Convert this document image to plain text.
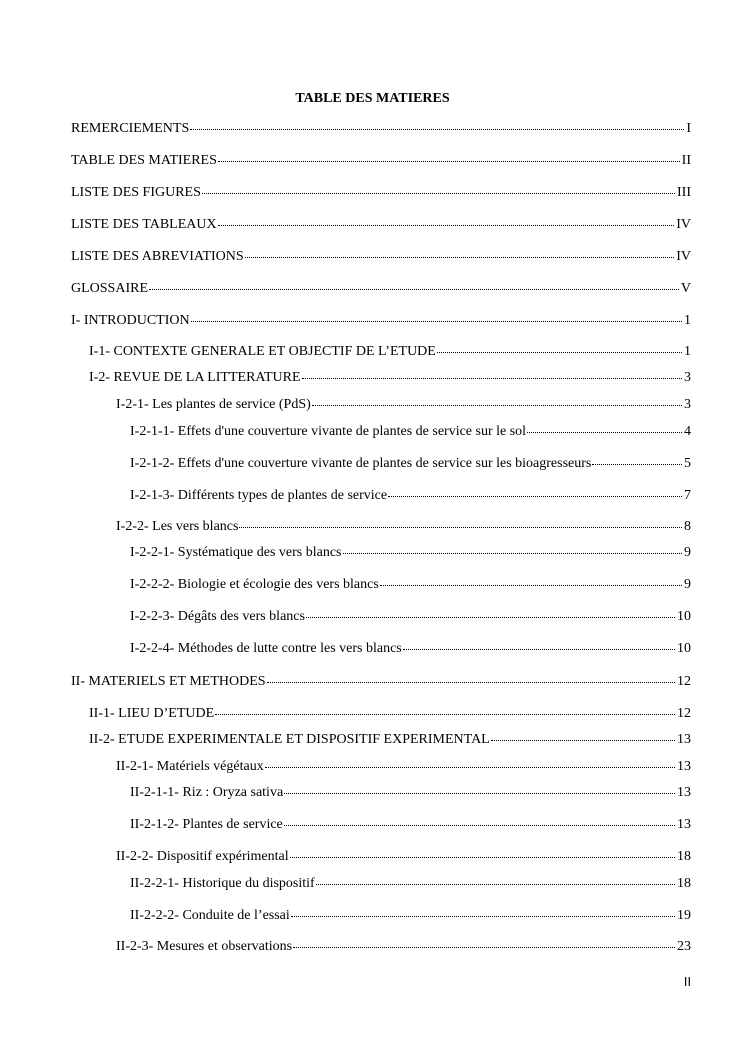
TABLE DES MATIERES
REMERCIEMENTS	I
TABLE DES MATIERES	II
LISTE DES FIGURES	III
LISTE DES TABLEAUX	IV
LISTE DES ABREVIATIONS	IV
GLOSSAIRE	V
I- INTRODUCTION	1
I-1- CONTEXTE GENERALE ET OBJECTIF DE L’ETUDE	1
I-2- REVUE DE LA LITTERATURE	3
I-2-1- Les plantes de service (PdS)	3
I-2-1-1- Effets d'une couverture vivante de plantes de service sur le sol	4
I-2-1-2- Effets d'une couverture vivante de plantes de service sur les bioagresseurs	5
I-2-1-3- Différents types de plantes de service	7
I-2-2- Les vers blancs	8
I-2-2-1- Systématique des vers blancs	9
I-2-2-2- Biologie et écologie des vers blancs	9
I-2-2-3- Dégâts des vers blancs	10
I-2-2-4- Méthodes de lutte contre les vers blancs	10
II- MATERIELS ET METHODES	12
II-1- LIEU D’ETUDE	12
II-2- ETUDE EXPERIMENTALE ET DISPOSITIF EXPERIMENTAL	13
II-2-1- Matériels végétaux	13
II-2-1-1- Riz : Oryza sativa	13
II-2-1-2- Plantes de service	13
II-2-2- Dispositif expérimental	18
II-2-2-1- Historique du dispositif	18
II-2-2-2- Conduite de l’essai	19
II-2-3- Mesures et observations	23
II
